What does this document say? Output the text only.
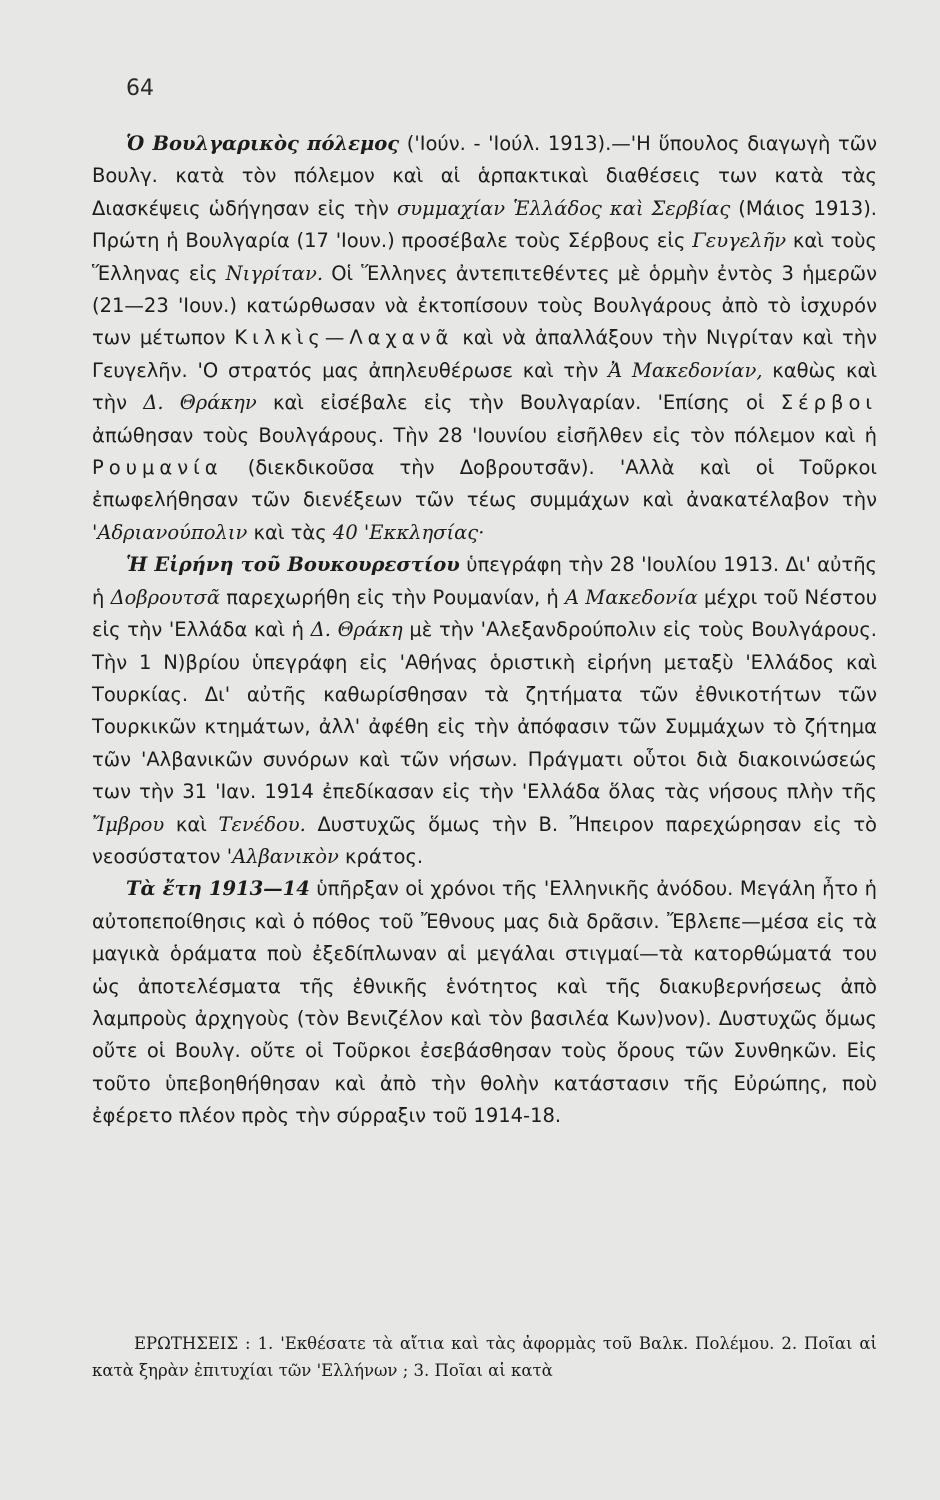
64

Ὁ Βουλγαρικὸς πόλεμος ('Ιούν. - 'Ιούλ. 1913).—'Η ὕπουλος διαγωγὴ τῶν Βουλγ. κατὰ τὸν πόλεμον καὶ αἱ ἁρπακτικαὶ διαθέσεις των κατὰ τὰς Διασκέψεις ὡδήγησαν εἰς τὴν συμμαχίαν Ἑλλάδος καὶ Σερβίας (Μάιος 1913). Πρώτη ἡ Βουλγαρία (17 'Ιουν.) προσέβαλε τοὺς Σέρβους εἰς Γευγελῆν καὶ τοὺς Ἕλληνας εἰς Νιγρίταν. Οἱ Ἕλληνες ἀντεπιτεθέντες μὲ ὁρμὴν ἐντὸς 3 ἡμερῶν (21—23 'Ιουν.) κατώρθωσαν νὰ ἐκτοπίσουν τοὺς Βουλγάρους ἀπὸ τὸ ἰσχυρόν των μέτωπον Κιλκὶς—Λαχανᾶ καὶ νὰ ἀπαλλάξουν τὴν Νιγρίταν καὶ τὴν Γευγελῆν. 'Ο στρατός μας ἀπηλευθέρωσε καὶ τὴν Ἀ Μακεδονίαν, καθὼς καὶ τὴν Δ. Θράκην καὶ εἰσέβαλε εἰς τὴν Βουλγαρίαν. 'Επίσης οἱ Σέρβοι ἀπώθησαν τοὺς Βουλγάρους. Τὴν 28 'Ιουνίου εἰσῆλθεν εἰς τὸν πόλεμον καὶ ἡ Ρουμανία (διεκδικοῦσα τὴν Δοβρουτσᾶν). 'Αλλὰ καὶ οἱ Τοῦρκοι ἐπωφελήθησαν τῶν διενέξεων τῶν τέως συμμάχων καὶ ἀνακατέλαβον τὴν 'Αδριανούπολιν καὶ τὰς 40 'Εκκλησίας·

Ἡ Εἰρήνη τοῦ Βουκουρεστίου ὑπεγράφη τὴν 28 'Ιουλίου 1913. Δι' αὐτῆς ἡ Δοβρουτσᾶ παρεχωρήθη εἰς τὴν Ρουμανίαν, ἡ Α Μακεδονία μέχρι τοῦ Νέστου εἰς τὴν 'Ελλάδα καὶ ἡ Δ. Θράκη μὲ τὴν 'Αλεξανδρούπολιν εἰς τοὺς Βουλγάρους. Τὴν 1 Ν)βρίου ὑπεγράφη εἰς 'Αθήνας ὁριστικὴ εἰρήνη μεταξὺ 'Ελλάδος καὶ Τουρκίας. Δι' αὐτῆς καθωρίσθησαν τὰ ζητήματα τῶν ἐθνικοτήτων τῶν Τουρκικῶν κτημάτων, ἀλλ' ἀφέθη εἰς τὴν ἀπόφασιν τῶν Συμμάχων τὸ ζήτημα τῶν 'Αλβανικῶν συνόρων καὶ τῶν νήσων. Πράγματι οὗτοι διὰ διακοινώσεώς των τὴν 31 'Ιαν. 1914 ἐπεδίκασαν εἰς τὴν 'Ελλάδα ὅλας τὰς νήσους πλὴν τῆς Ἴμβρου καὶ Τενέδου. Δυστυχῶς ὅμως τὴν Β. Ἤπειρον παρεχώρησαν εἰς τὸ νεοσύστατον 'Αλβανικὸν κράτος.

Τὰ ἔτη 1913—14 ὑπῆρξαν οἱ χρόνοι τῆς 'Ελληνικῆς ἀνόδου. Μεγάλη ἦτο ἡ αὐτοπεποίθησις καὶ ὁ πόθος τοῦ Ἔθνους μας διὰ δρᾶσιν. Ἔβλεπε—μέσα εἰς τὰ μαγικὰ ὁράματα ποὺ ἐξεδίπλωναν αἱ μεγάλαι στιγμαί—τὰ κατορθώματά του ὡς ἀποτελέσματα τῆς ἐθνικῆς ἑνότητος καὶ τῆς διακυβερνήσεως ἀπὸ λαμπροὺς ἀρχηγοὺς (τὸν Βενιζέλον καὶ τὸν βασιλέα Κων)νον). Δυστυχῶς ὅμως οὔτε οἱ Βουλγ. οὔτε οἱ Τοῦρκοι ἐσεβάσθησαν τοὺς ὅρους τῶν Συνθηκῶν. Εἰς τοῦτο ὑπεβοηθήθησαν καὶ ἀπὸ τὴν θολὴν κατάστασιν τῆς Εὐρώπης, ποὺ ἐφέρετο πλέον πρὸς τὴν σύρραξιν τοῦ 1914-18.

ΕΡΩΤΗΣΕΙΣ : 1. 'Εκθέσατε τὰ αἴτια καὶ τὰς ἀφορμὰς τοῦ Βαλκ. Πολέμου. 2. Ποῖαι αἱ κατὰ ξηρὰν ἐπιτυχίαι τῶν 'Ελλήνων ; 3. Ποῖαι αἱ κατὰ
